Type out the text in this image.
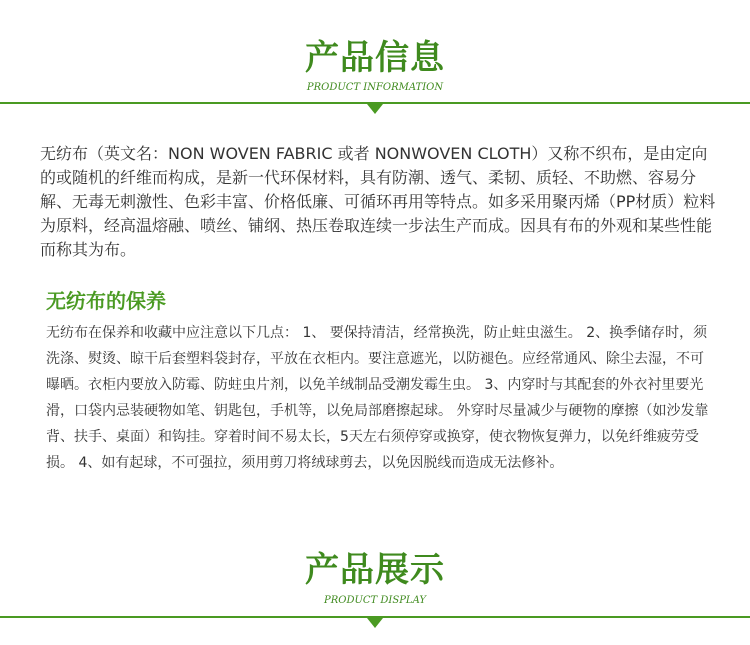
产品信息
PRODUCT INFORMATION

无纺布（英文名：NON WOVEN FABRIC 或者 NONWOVEN CLOTH）又称不织布，是由定向的或随机的纤维而构成，是新一代环保材料，具有防潮、透气、柔韧、质轻、不助燃、容易分解、无毒无刺激性、色彩丰富、价格低廉、可循环再用等特点。如多采用聚丙烯（PP材质）粒料为原料，经高温熔融、喷丝、铺纲、热压卷取连续一步法生产而成。因具有布的外观和某些性能而称其为布。

无纺布的保养

无纺布在保养和收藏中应注意以下几点： 1、 要保持清洁，经常换洗，防止蛀虫滋生。 2、换季储存时，须洗涤、熨烫、晾干后套塑料袋封存，平放在衣柜内。要注意遮光，以防褪色。应经常通风、除尘去湿，不可曝晒。衣柜内要放入防霉、防蛀虫片剂，以免羊绒制品受潮发霉生虫。 3、内穿时与其配套的外衣衬里要光滑，口袋内忌装硬物如笔、钥匙包，手机等，以免局部磨擦起球。 外穿时尽量减少与硬物的摩擦（如沙发靠背、扶手、桌面）和钩挂。穿着时间不易太长，5天左右须停穿或换穿，使衣物恢复弹力，以免纤维疲劳受损。 4、如有起球，不可强拉，须用剪刀将绒球剪去，以免因脱线而造成无法修补。

产品展示
PRODUCT DISPLAY
